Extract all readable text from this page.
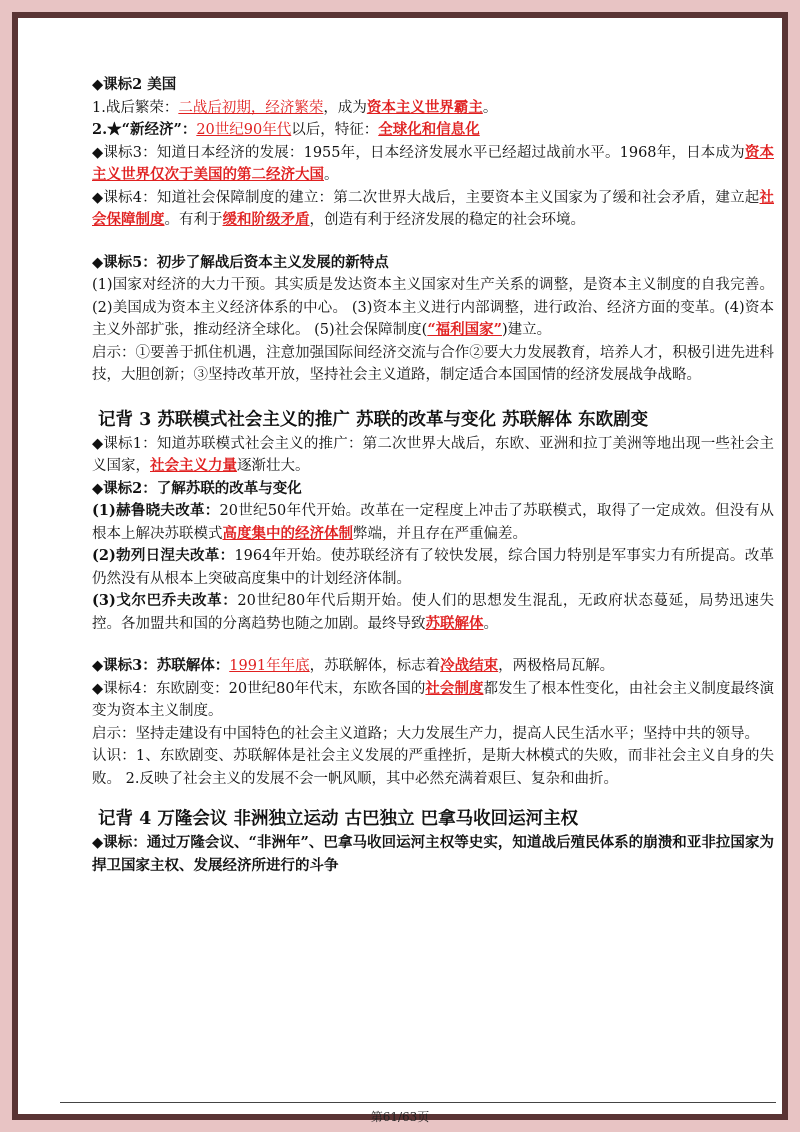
◆课标2 美国

1.战后繁荣：二战后初期，经济繁荣，成为资本主义世界霸主。

2.★“新经济”：20世纪90年代以后，特征：全球化和信息化

◆课标3：知道日本经济的发展：1955年，日本经济发展水平已经超过战前水平。1968年，日本成为资本主义世界仅次于美国的第二经济大国。

◆课标4：知道社会保障制度的建立：第二次世界大战后，主要资本主义国家为了缓和社会矛盾，建立起社会保障制度。有利于缓和阶级矛盾，创造有利于经济发展的稳定的社会环境。

◆课标5：初步了解战后资本主义发展的新特点

(1)国家对经济的大力干预。其实质是发达资本主义国家对生产关系的调整，是资本主义制度的自我完善。(2)美国成为资本主义经济体系的中心。 (3)资本主义进行内部调整，进行政治、经济方面的变革。(4)资本主义外部扩张，推动经济全球化。 (5)社会保障制度(“福利国家”)建立。

启示：①要善于抓住机遇，注意加强国际间经济交流与合作②要大力发展教育，培养人才，积极引进先进科技，大胆创新；③坚持改革开放，坚持社会主义道路，制定适合本国国情的经济发展战争战略。

记背 3 苏联模式社会主义的推广 苏联的改革与变化 苏联解体 东欧剧变

◆课标1：知道苏联模式社会主义的推广：第二次世界大战后，东欧、亚洲和拉丁美洲等地出现一些社会主义国家，社会主义力量逐渐壮大。

◆课标2：了解苏联的改革与变化

(1)赫鲁晓夫改革：20世纪50年代开始。改革在一定程度上冲击了苏联模式，取得了一定成效。但没有从根本上解决苏联模式高度集中的经济体制弊端，并且存在严重偏差。

(2)勃列日涅夫改革：1964年开始。使苏联经济有了较快发展，综合国力特别是军事实力有所提高。改革仍然没有从根本上突破高度集中的计划经济体制。

(3)戈尔巴乔夫改革：20世纪80年代后期开始。使人们的思想发生混乱，无政府状态蔓延，局势迅速失控。各加盟共和国的分离趋势也随之加剧。最终导致苏联解体。

◆课标3：苏联解体：1991年年底，苏联解体，标志着冷战结束，两极格局瓦解。

◆课标4：东欧剧变：20世纪80年代末，东欧各国的社会制度都发生了根本性变化，由社会主义制度最终演变为资本主义制度。

启示：坚持走建设有中国特色的社会主义道路；大力发展生产力，提高人民生活水平；坚持中共的领导。

认识：1、东欧剧变、苏联解体是社会主义发展的严重挫折，是斯大林模式的失败，而非社会主义自身的失败。 2.反映了社会主义的发展不会一帆风顺，其中必然充满着艰巨、复杂和曲折。

记背 4 万隆会议 非洲独立运动 古巴独立 巴拿马收回运河主权

◆课标：通过万隆会议、“非洲年”、巴拿马收回运河主权等史实，知道战后殖民体系的崩溃和亚非拉国家为捍卫国家主权、发展经济所进行的斗争

第61/63页
